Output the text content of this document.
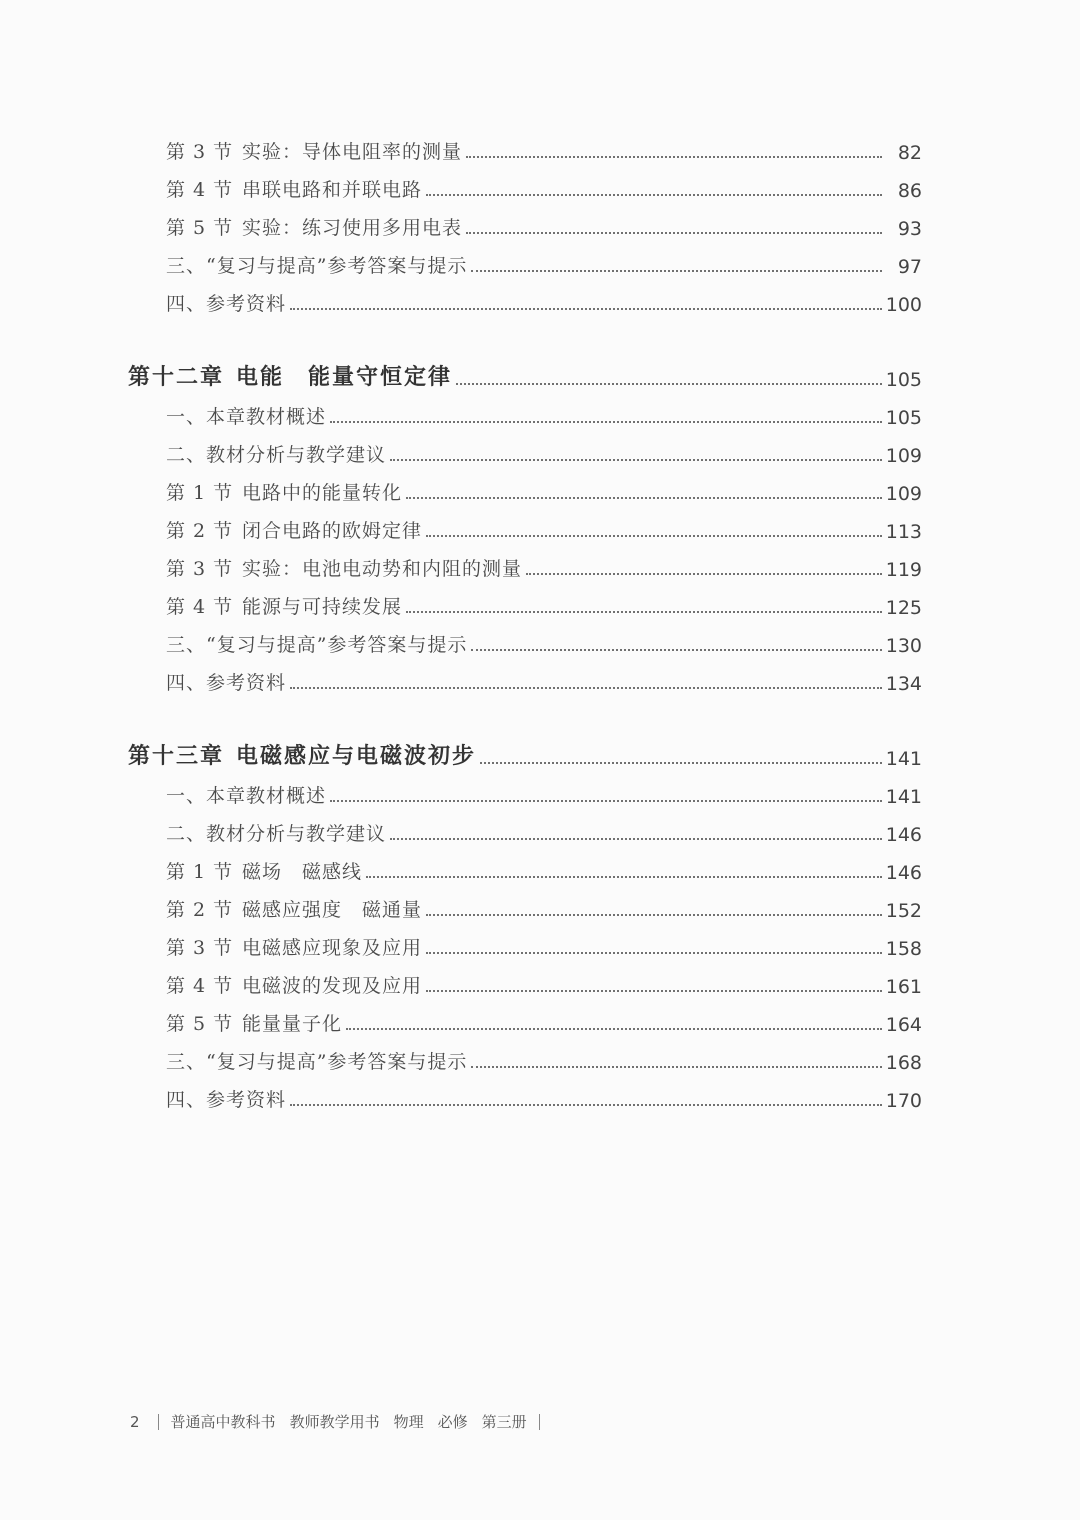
第 3 节 实验：导体电阻率的测量	82
第 4 节 串联电路和并联电路	86
第 5 节 实验：练习使用多用电表	93
三、“复习与提高”参考答案与提示	97
四、参考资料	100
第十二章 电能　能量守恒定律	105
一、本章教材概述	105
二、教材分析与教学建议	109
第 1 节 电路中的能量转化	109
第 2 节 闭合电路的欧姆定律	113
第 3 节 实验：电池电动势和内阻的测量	119
第 4 节 能源与可持续发展	125
三、“复习与提高”参考答案与提示	130
四、参考资料	134
第十三章 电磁感应与电磁波初步	141
一、本章教材概述	141
二、教材分析与教学建议	146
第 1 节 磁场　磁感线	146
第 2 节 磁感应强度　磁通量	152
第 3 节 电磁感应现象及应用	158
第 4 节 电磁波的发现及应用	161
第 5 节 能量量子化	164
三、“复习与提高”参考答案与提示	168
四、参考资料	170
2 普通高中教科书 教师教学用书 物理 必修 第三册
